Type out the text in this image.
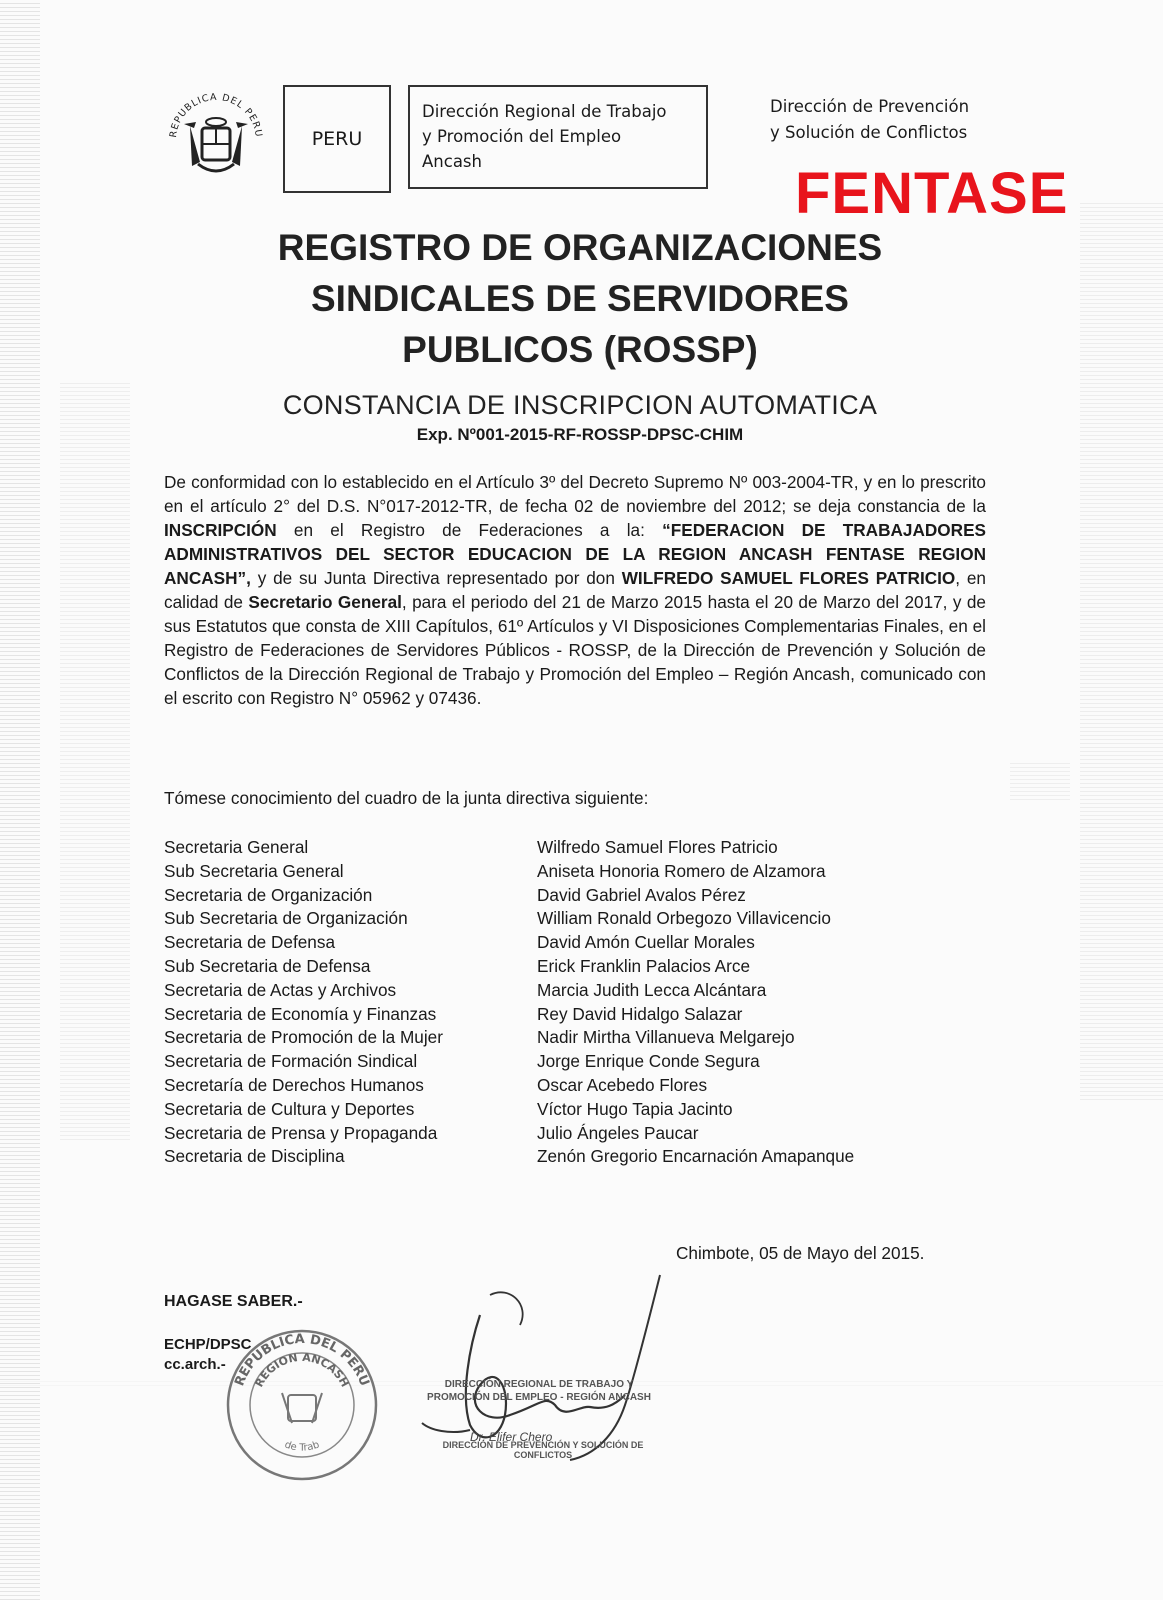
REPUBLICA DEL PERU	PERU
Dirección Regional de Trabajo
y Promoción del Empleo
Ancash
Dirección de Prevención
y Solución de Conflictos
FENTASE
REGISTRO DE ORGANIZACIONES
SINDICALES DE SERVIDORES
PUBLICOS (ROSSP)
CONSTANCIA DE INSCRIPCION AUTOMATICA
Exp. Nº001-2015-RF-ROSSP-DPSC-CHIM
De conformidad con lo establecido en el Artículo 3º del Decreto Supremo Nº 003-2004-TR, y en lo prescrito en el artículo 2° del D.S. N°017-2012-TR, de fecha 02 de noviembre del 2012; se deja constancia de la INSCRIPCIÓN en el Registro de Federaciones a la: “FEDERACION DE TRABAJADORES ADMINISTRATIVOS DEL SECTOR EDUCACION DE LA REGION ANCASH FENTASE REGION ANCASH”, y de su Junta Directiva representado por don WILFREDO SAMUEL FLORES PATRICIO, en calidad de Secretario General, para el periodo del 21 de Marzo 2015 hasta el 20 de Marzo del 2017, y de sus Estatutos que consta de XIII Capítulos, 61º Artículos y VI Disposiciones Complementarias Finales, en el Registro de Federaciones de Servidores Públicos - ROSSP, de la Dirección de Prevención y Solución de Conflictos de la Dirección Regional de Trabajo y Promoción del Empleo – Región Ancash, comunicado con el escrito con Registro N° 05962 y 07436.
Tómese conocimiento del cuadro de la junta directiva siguiente:
Secretaria General	Wilfredo Samuel Flores Patricio
Sub Secretaria General	Aniseta Honoria Romero de Alzamora
Secretaria de Organización	David Gabriel Avalos Pérez
Sub Secretaria de Organización	William Ronald Orbegozo Villavicencio
Secretaria de Defensa	David Amón Cuellar Morales
Sub Secretaria de Defensa	Erick Franklin Palacios Arce
Secretaria de Actas y Archivos	Marcia Judith Lecca Alcántara
Secretaria de Economía y Finanzas	Rey David Hidalgo Salazar
Secretaria de Promoción de la Mujer	Nadir Mirtha Villanueva Melgarejo
Secretaria de Formación Sindical	Jorge Enrique Conde Segura
Secretaría de Derechos Humanos	Oscar Acebedo Flores
Secretaria de Cultura y Deportes	Víctor Hugo Tapia Jacinto
Secretaria de Prensa y Propaganda	Julio Ángeles Paucar
Secretaria de Disciplina	Zenón Gregorio Encarnación Amapanque
Chimbote, 05 de Mayo del 2015.
HAGASE SABER.-
ECHP/DPSC
cc.arch.-
REPUBLICA DEL PERU
REGION ANCASH
de Trab
DIRECCIÓN REGIONAL DE TRABAJO Y
PROMOCIÓN DEL EMPLEO - REGIÓN ANCASH
Dr. Elifer Chero
DIRECCIÓN DE PREVENCIÓN Y SOLUCIÓN DE CONFLICTOS
